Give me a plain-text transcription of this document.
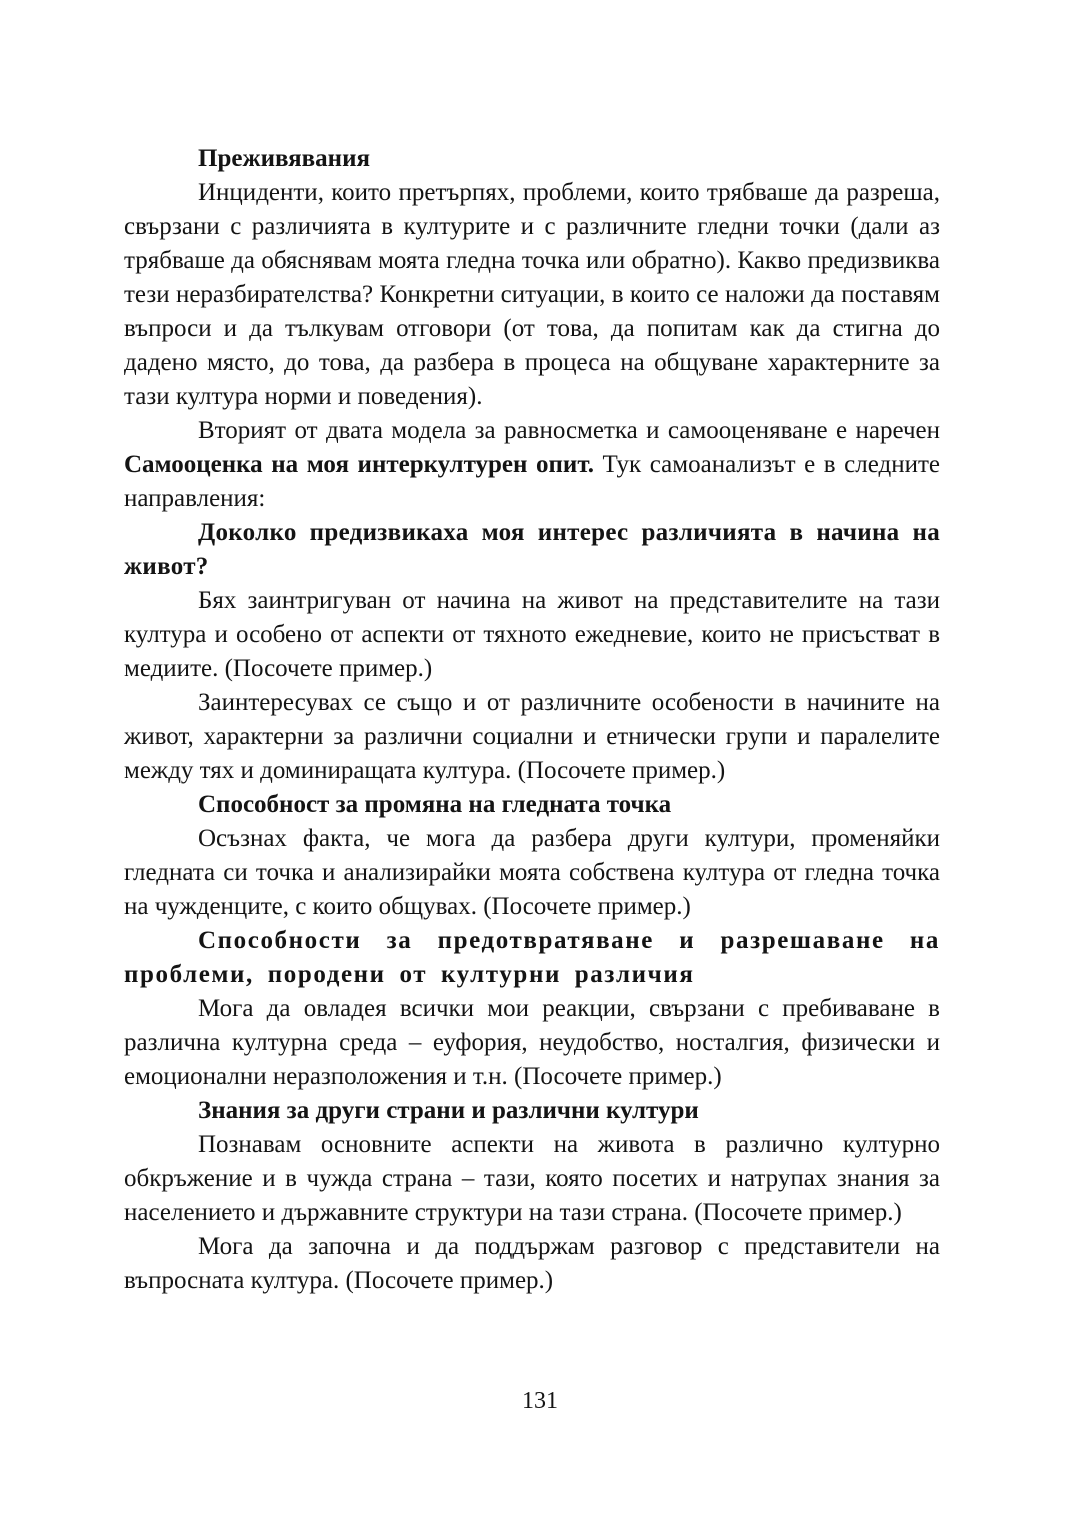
Преживявания

Инциденти, които претърпях, проблеми, които трябваше да разреша, свързани с различията в културите и с различните гледни точки (дали аз трябваше да обяснявам моята гледна точка или обратно). Какво предизвиква тези неразбирателства? Конкретни ситуации, в които се наложи да поставям въпроси и да тълкувам отговори (от това, да попитам как да стигна до дадено място, до това, да разбера в процеса на общуване характерните за тази култура норми и поведения).

Вторият от двата модела за равносметка и самооценяване е наречен Самооценка на моя интеркултурен опит. Тук самоанализът е в следните направления:

Доколко предизвикаха моя интерес различията в начина на живот?

Бях заинтригуван от начина на живот на представителите на тази култура и особено от аспекти от тяхното ежедневие, които не присъстват в медиите. (Посочете пример.)

Заинтересувах се също и от различните особености в начините на живот, характерни за различни социални и етнически групи и паралелите между тях и доминиращата култура. (Посочете пример.)

Способност за промяна на гледната точка

Осъзнах факта, че мога да разбера други култури, променяйки гледната си точка и анализирайки моята собствена култура от гледна точка на чужденците, с които общувах. (Посочете пример.)

Способности за предотвратяване и разрешаване на проблеми, породени от културни различия

Мога да овладея всички мои реакции, свързани с пребиваване в различна културна среда – еуфория, неудобство, носталгия, физически и емоционални неразположения и т.н. (Посочете пример.)

Знания за други страни и различни култури

Познавам основните аспекти на живота в различно културно обкръжение и в чужда страна – тази, която посетих и натрупах знания за населението и държавните структури на тази страна. (Посочете пример.)

Мога да започна и да поддържам разговор с представители на въпросната култура. (Посочете пример.)

131
